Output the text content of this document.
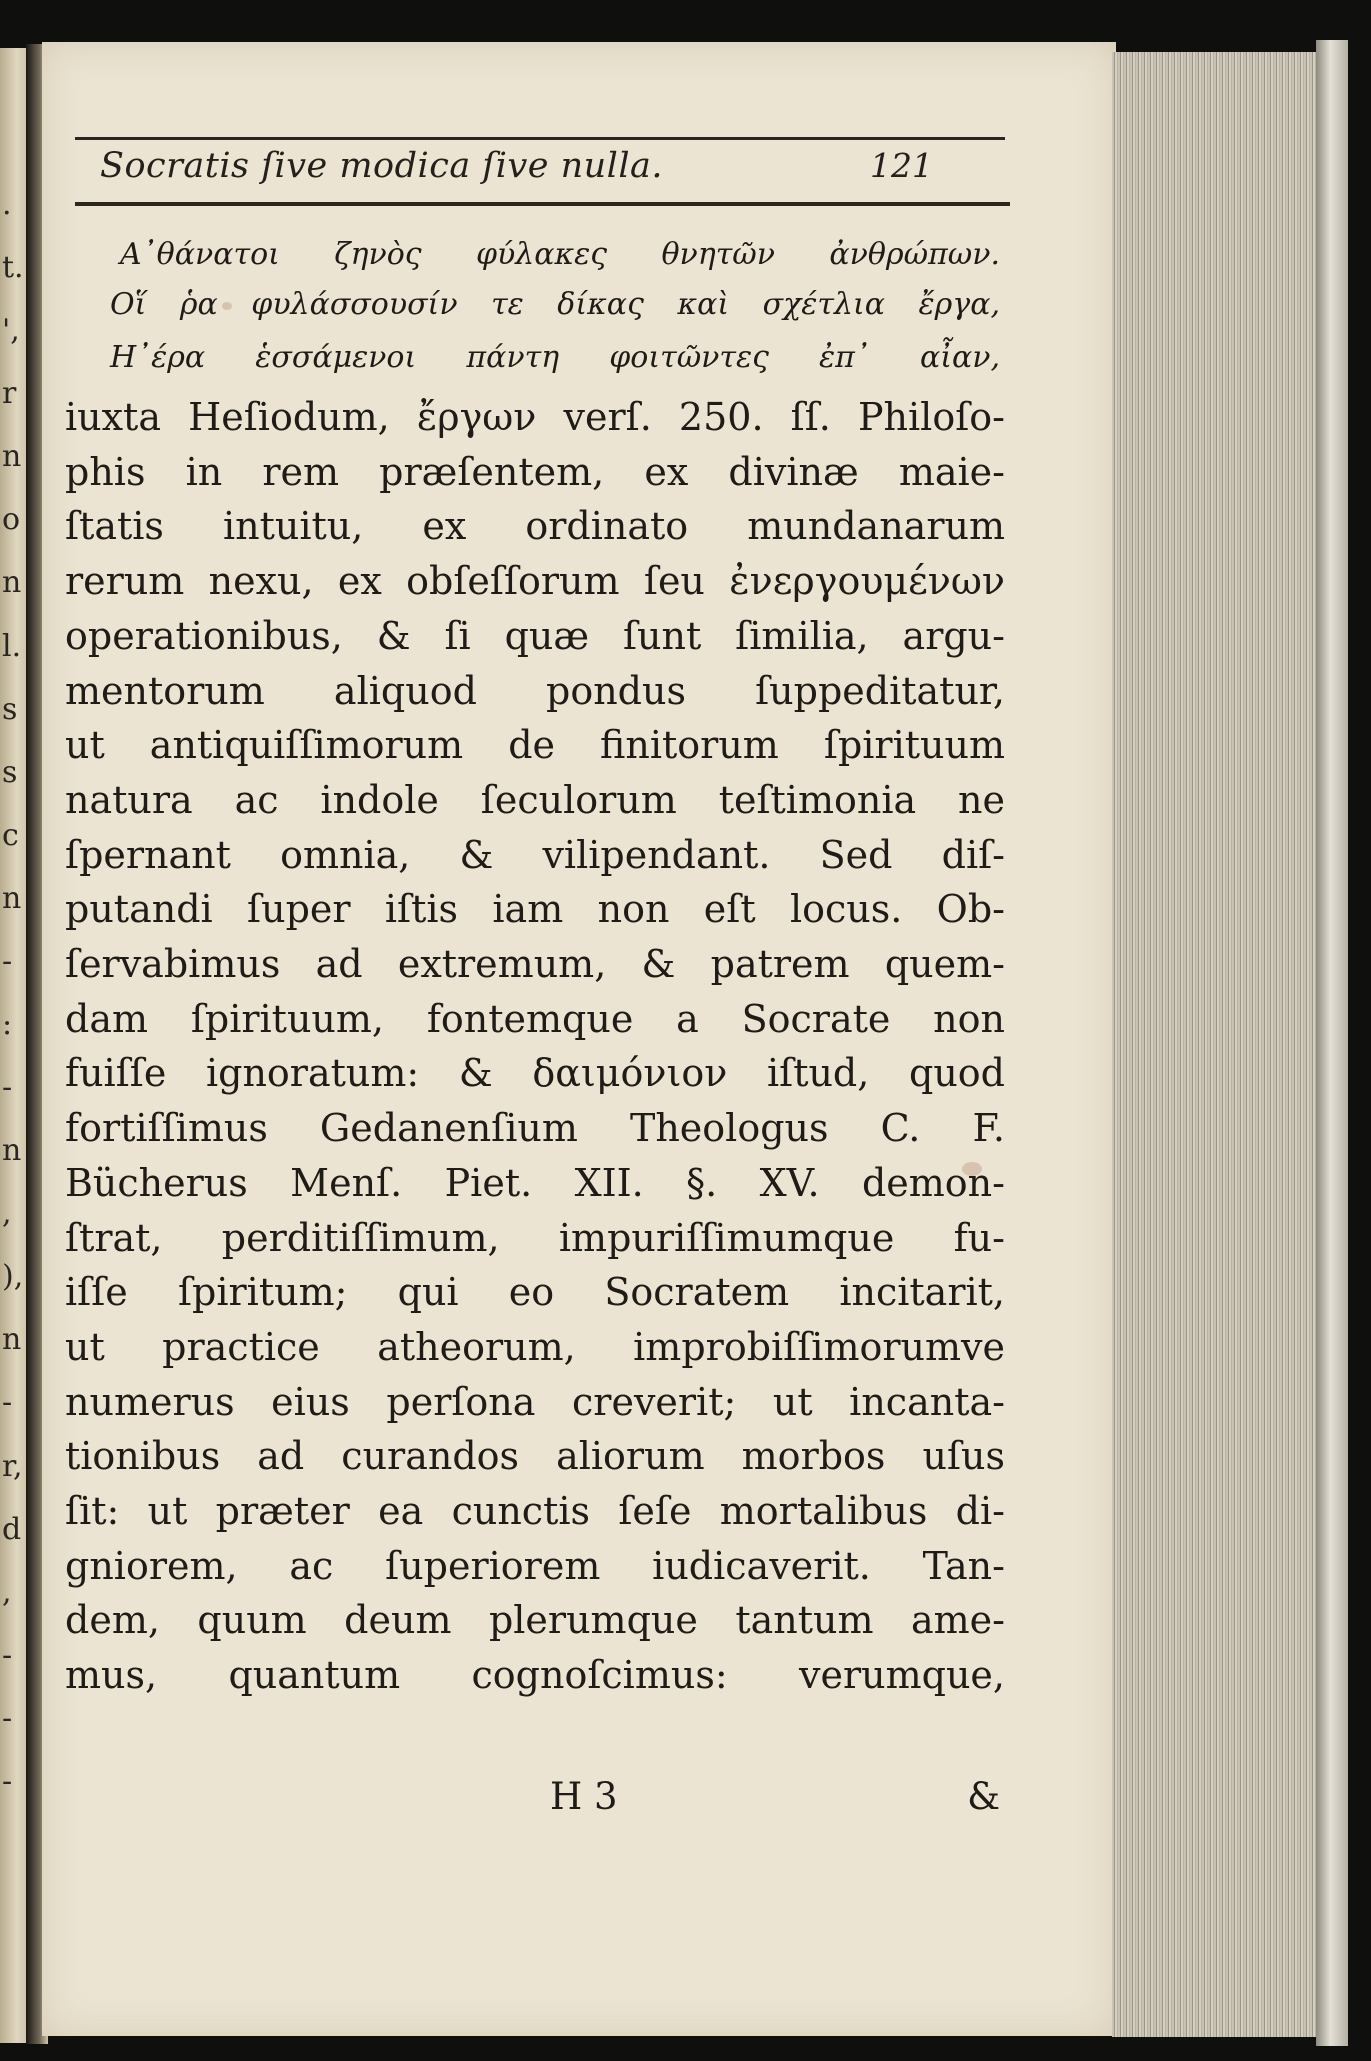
.
t.
',
r
n
o
n
l.
s
s
c
n
-
:
-
n
,
),
n
-
r,
d
,
-
-
-
Socratis ſive modica ſive nulla.	121
Α᾽θάνατοι ζηνὸς φύλακες θνητῶν ἀνθρώπων.
Οἵ ῥα φυλάσσουσίν τε δίκας καὶ σχέτλια ἔργα,
Η᾽έρα ἑσσάμενοι πάντη φοιτῶντες ἐπ᾽ αἶαν,
iuxta Heſiodum, ἔργων verſ. 250. ſſ. Philoſo-
phis in rem præſentem, ex divinæ maie-
ſtatis intuitu, ex ordinato mundanarum
rerum nexu, ex obſeſſorum ſeu ἐνεργουμένων
operationibus, & ſi quæ ſunt ſimilia, argu-
mentorum aliquod pondus ſuppeditatur,
ut antiquiſſimorum de finitorum ſpirituum
natura ac indole ſeculorum teſtimonia ne
ſpernant omnia, & vilipendant. Sed diſ-
putandi ſuper iſtis iam non eſt locus. Ob-
ſervabimus ad extremum, & patrem quem-
dam ſpirituum, fontemque a Socrate non
fuiſſe ignoratum: & δαιμόνιον iſtud, quod
fortiſſimus Gedanenſium Theologus C. F.
Bücherus Menſ. Piet. XII. §. XV. demon-
ſtrat, perditiſſimum, impuriſſimumque fu-
iſſe ſpiritum; qui eo Socratem incitarit,
ut practice atheorum, improbiſſimorumve
numerus eius perſona creverit; ut incanta-
tionibus ad curandos aliorum morbos uſus
ſit: ut præter ea cunctis ſeſe mortalibus di-
gniorem, ac ſuperiorem iudicaverit. Tan-
dem, quum deum plerumque tantum ame-
mus, quantum cognoſcimus: verumque,
H 3	&
